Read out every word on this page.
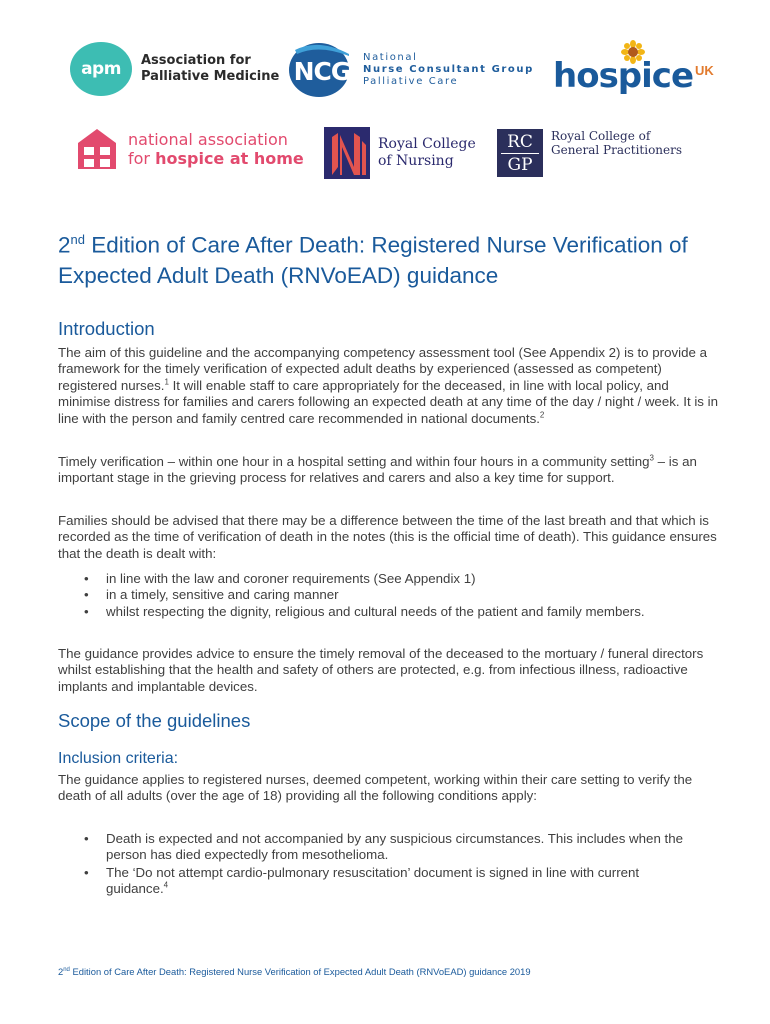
apm	Association for
Palliative Medicine NCG National
Nurse Consultant Group
Palliative Care	hospice $^{UK}$
national association
for hospice at home
Royal College
of Nursing
RC
GP
Royal College of
General Practitioners
2nd Edition of Care After Death: Registered Nurse Verification of Expected Adult Death (RNVoEAD) guidance
Introduction
The aim of this guideline and the accompanying competency assessment tool (See Appendix 2) is to provide a framework for the timely verification of expected adult deaths by experienced (assessed as competent) registered nurses.$^1$ It will enable staff to care appropriately for the deceased, in line with local policy, and minimise distress for families and carers following an expected death at any time of the day / night / week. It is in line with the person and family centred care recommended in national documents.$^2$
Timely verification – within one hour in a hospital setting and within four hours in a community setting$^3$ – is an important stage in the grieving process for relatives and carers and also a key time for support.
Families should be advised that there may be a difference between the time of the last breath and that which is recorded as the time of verification of death in the notes (this is the official time of death). This guidance ensures that the death is dealt with:
• in line with the law and coroner requirements (See Appendix 1)
• in a timely, sensitive and caring manner
• whilst respecting the dignity, religious and cultural needs of the patient and family members.
The guidance provides advice to ensure the timely removal of the deceased to the mortuary / funeral directors whilst establishing that the health and safety of others are protected, e.g. from infectious illness, radioactive implants and implantable devices.
Scope of the guidelines
Inclusion criteria:
The guidance applies to registered nurses, deemed competent, working within their care setting to verify the death of all adults (over the age of 18) providing all the following conditions apply:
• Death is expected and not accompanied by any suspicious circumstances. This includes when the person has died expectedly from mesothelioma.
• The ‘Do not attempt cardio-pulmonary resuscitation’ document is signed in line with current guidance.$^4$
2nd Edition of Care After Death: Registered Nurse Verification of Expected Adult Death (RNVoEAD) guidance 2019
